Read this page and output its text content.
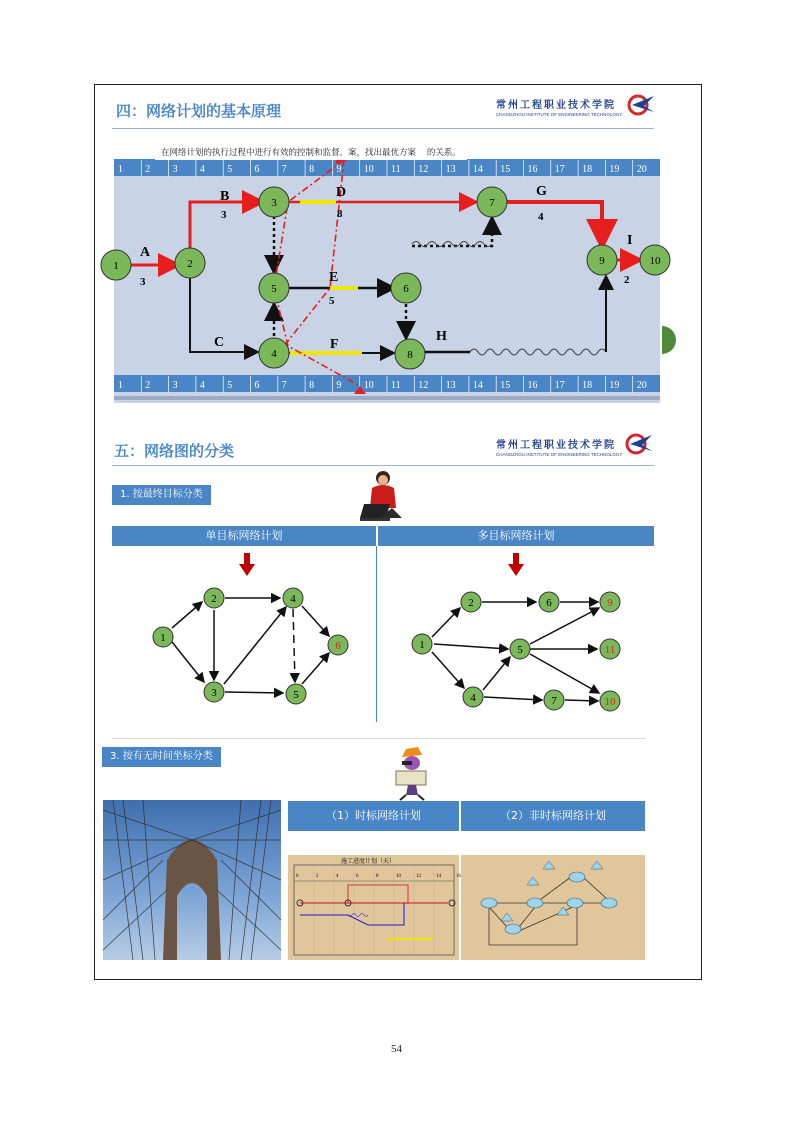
四：网络计划的基本原理	常州工程职业技术学院
CHANGZHOU INSTITUTE OF ENGINEERING TECHNOLOGY
1 2 3 4 5 6 7 8 9 10 11 12 13 14 15 16 17 18 19 20
1 2 3 4 5 6 7 8 9 10 11 12 13 14 15 16 17 18 19 20
1	2
3
4
5	6
7
8
9	10
A
3
B
3
C
D
8
E
5
F
H
G
4
I
2
在网络计划的执行过程中进行有效的控制和监督。案，找出最优方案 的关系。
五：网络图的分类	常州工程职业技术学院
CHANGZHOU INSTITUTE OF ENGINEERING TECHNOLOGY
1. 按最终目标分类
单目标网络计划	多目标网络计划
1
2
3
4
5
6	1
2
4
5
6
7
9
11
10
3. 按有无时间坐标分类
（1）时标网络计划	（2）非时标网络计划
施工进度计划（天）
0	2	4	6	8	10	12	14	16
54
